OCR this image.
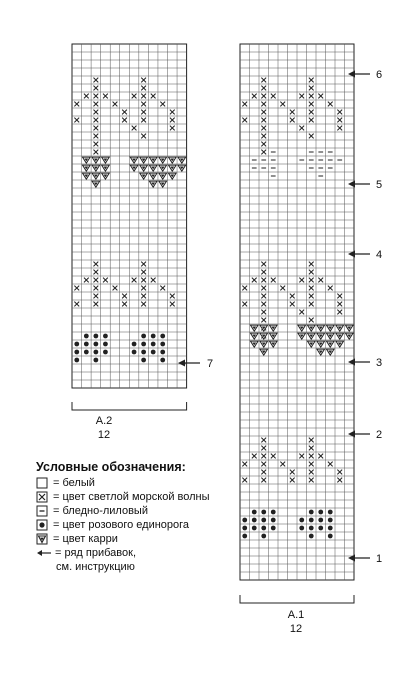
7
1
2
3
4
5
6
A.2
12
A.1
12
Условные обозначения:
= белый
= цвет светлой морской волны
= бледно-лиловый
= цвет розового единорога
= цвет карри
= ряд прибавок,
см. инструкцию
